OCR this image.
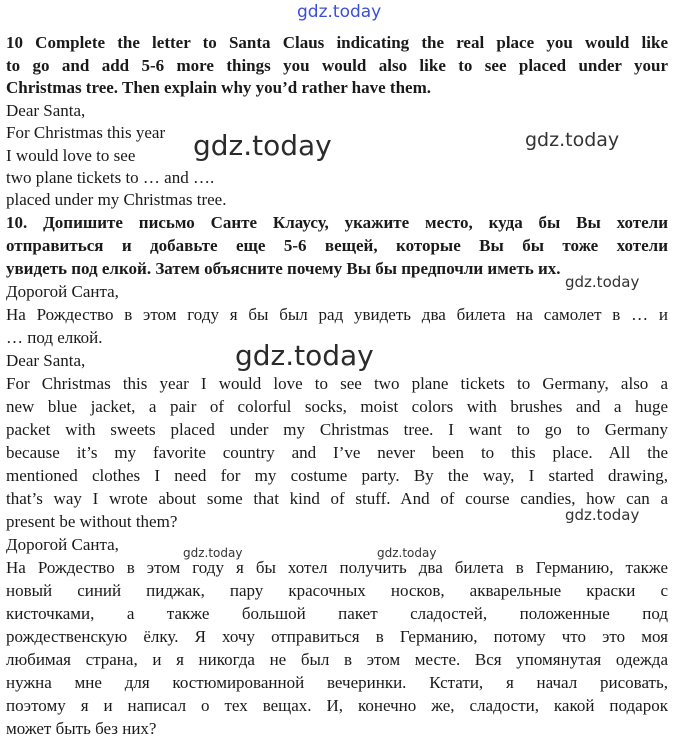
gdz.today
gdz.today	gdz.today
gdz.today
gdz.today
gdz.today
gdz.today	gdz.today
10 Complete the letter to Santa Claus indicating the real place you would like
to go and add 5-6 more things you would also like to see placed under your
Christmas tree. Then explain why you’d rather have them.
Dear Santa,
For Christmas this year
I would love to see
two plane tickets to … and ….
placed under my Christmas tree.
10. Допишите письмо Санте Клаусу, укажите место, куда бы Вы хотели
отправиться и добавьте еще 5-6 вещей, которые Вы бы тоже хотели
увидеть под елкой. Затем объясните почему Вы бы предпочли иметь их.
Дорогой Санта,
На Рождество в этом году я бы был рад увидеть два билета на самолет в … и
… под елкой.
Dear Santa,
For Christmas this year I would love to see two plane tickets to Germany, also a
new blue jacket, a pair of colorful socks, moist colors with brushes and a huge
packet with sweets placed under my Christmas tree. I want to go to Germany
because it’s my favorite country and I’ve never been to this place. All the
mentioned clothes I need for my costume party. By the way, I started drawing,
that’s way I wrote about some that kind of stuff. And of course candies, how can a
present be without them?
Дорогой Санта,
На Рождество в этом году я бы хотел получить два билета в Германию, также
новый синий пиджак, пару красочных носков, акварельные краски с
кисточками, а также большой пакет сладостей, положенные под
рождественскую ёлку. Я хочу отправиться в Германию, потому что это моя
любимая страна, и я никогда не был в этом месте. Вся упомянутая одежда
нужна мне для костюмированной вечеринки. Кстати, я начал рисовать,
поэтому я и написал о тех вещах. И, конечно же, сладости, какой подарок
может быть без них?
